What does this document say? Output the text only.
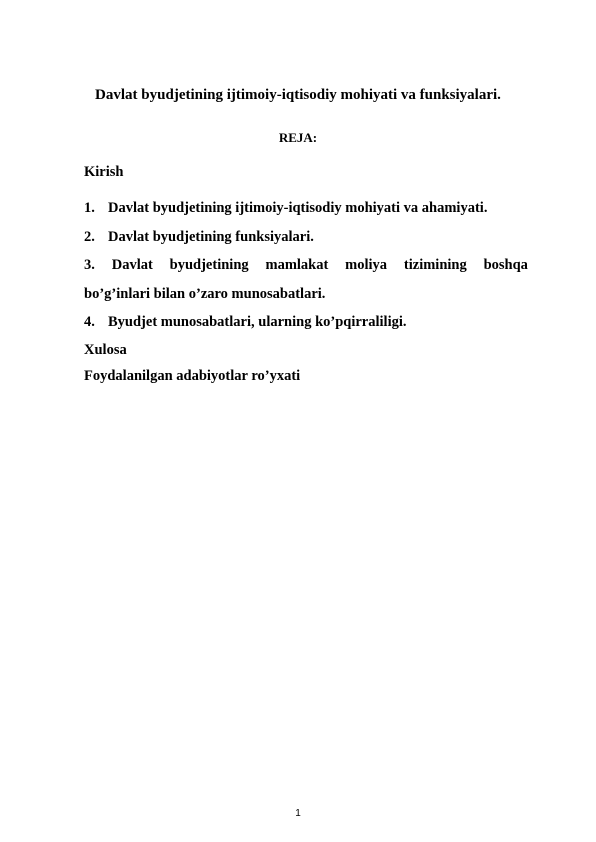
Davlat byudjetining ijtimoiy-iqtisodiy mohiyati va funksiyalari.
REJA:
Kirish
1. Davlat byudjetining ijtimoiy-iqtisodiy mohiyati va ahamiyati.
2. Davlat byudjetining funksiyalari.
3. Davlat byudjetining mamlakat moliya tizimining boshqa
bo’g’inlari bilan o’zaro munosabatlari.
4. Byudjet munosabatlari, ularning ko’pqirraliligi.
Xulosa
Foydalanilgan adabiyotlar ro’yxati
1
